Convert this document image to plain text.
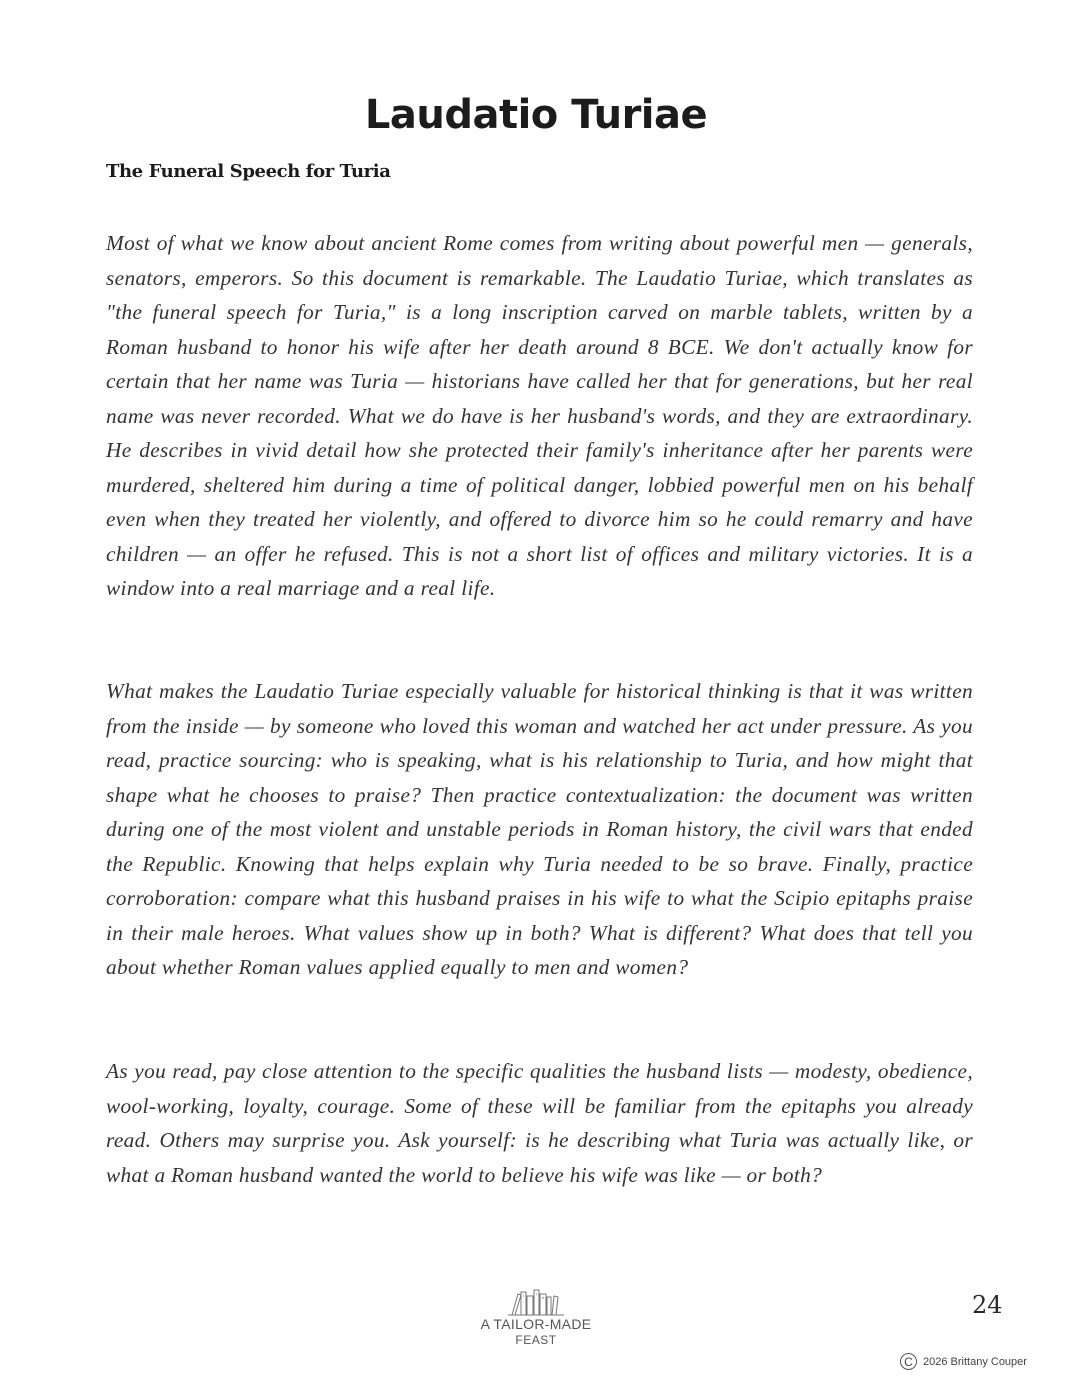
Laudatio Turiae
The Funeral Speech for Turia

Most of what we know about ancient Rome comes from writing about powerful men — generals, senators, emperors. So this document is remarkable. The Laudatio Turiae, which translates as "the funeral speech for Turia," is a long inscription carved on marble tablets, written by a Roman husband to honor his wife after her death around 8 BCE. We don't actually know for certain that her name was Turia — historians have called her that for generations, but her real name was never recorded. What we do have is her husband's words, and they are extraordinary. He describes in vivid detail how she protected their family's inheritance after her parents were murdered, sheltered him during a time of political danger, lobbied powerful men on his behalf even when they treated her violently, and offered to divorce him so he could remarry and have children — an offer he refused. This is not a short list of offices and military victories. It is a window into a real marriage and a real life.

What makes the Laudatio Turiae especially valuable for historical thinking is that it was written from the inside — by someone who loved this woman and watched her act under pressure. As you read, practice sourcing: who is speaking, what is his relationship to Turia, and how might that shape what he chooses to praise? Then practice contextualization: the document was written during one of the most violent and unstable periods in Roman history, the civil wars that ended the Republic. Knowing that helps explain why Turia needed to be so brave. Finally, practice corroboration: compare what this husband praises in his wife to what the Scipio epitaphs praise in their male heroes. What values show up in both? What is different? What does that tell you about whether Roman values applied equally to men and women?

As you read, pay close attention to the specific qualities the husband lists — modesty, obedience, wool-working, loyalty, courage. Some of these will be familiar from the epitaphs you already read. Others may surprise you. Ask yourself: is he describing what Turia was actually like, or what a Roman husband wanted the world to believe his wife was like — or both?

A TAILOR-MADE
FEAST
24
C 2026 Brittany Couper
